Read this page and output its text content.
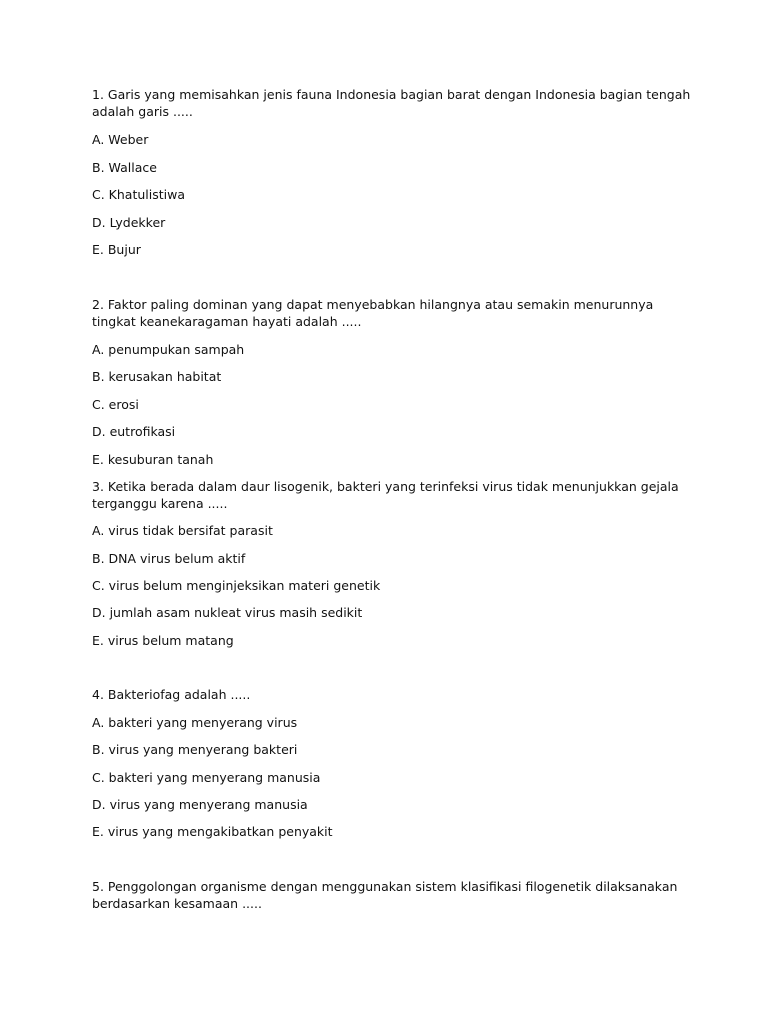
1. Garis yang memisahkan jenis fauna Indonesia bagian barat dengan Indonesia bagian tengah adalah garis .....

A. Weber

B. Wallace

C. Khatulistiwa

D. Lydekker

E. Bujur

2. Faktor paling dominan yang dapat menyebabkan hilangnya atau semakin menurunnya tingkat keanekaragaman hayati adalah .....

A. penumpukan sampah

B. kerusakan habitat

C. erosi

D. eutrofikasi

E. kesuburan tanah

3. Ketika berada dalam daur lisogenik, bakteri yang terinfeksi virus tidak menunjukkan gejala terganggu karena .....

A. virus tidak bersifat parasit

B. DNA virus belum aktif

C. virus belum menginjeksikan materi genetik

D. jumlah asam nukleat virus masih sedikit

E. virus belum matang

4. Bakteriofag adalah .....

A. bakteri yang menyerang virus

B. virus yang menyerang bakteri

C. bakteri yang menyerang manusia

D. virus yang menyerang manusia

E. virus yang mengakibatkan penyakit

5. Penggolongan organisme dengan menggunakan sistem klasifikasi filogenetik dilaksanakan berdasarkan kesamaan .....
